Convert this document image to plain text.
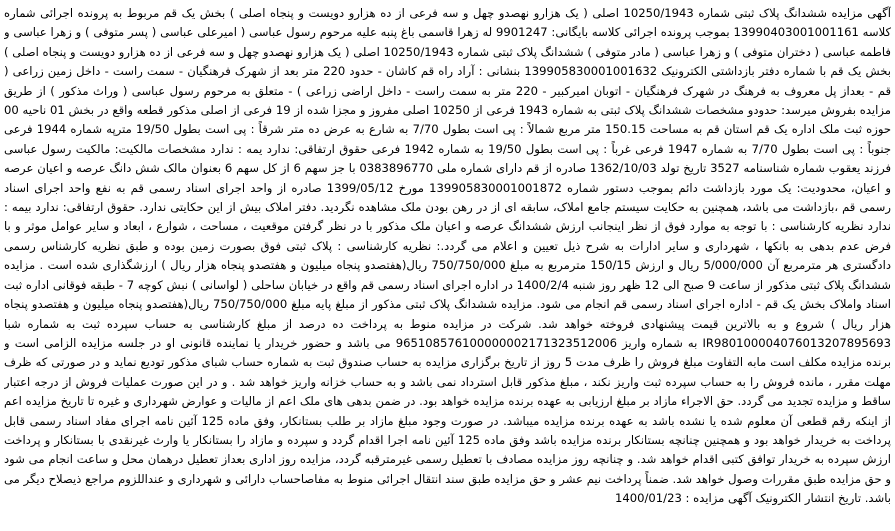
آگهی مزایده ششدانگ پلاک ثبتی شماره 10250/1943 اصلی ( یک هزارو نهصدو چهل و سه فرعی از ده هزارو دویست و پنجاه اصلی ) بخش یک قم مربوط به پرونده اجرائی شماره کلاسه 13990403001001161 بموجب پرونده اجرائی کلاسه بایگانی: 9901247 له زهرا قاسمی باغ پنبه علیه مرحوم رسول عباسی ( امیرعلی عباسی ( پسر متوفی ) و زهرا عباسی و فاطمه عباسی ( دختران متوفی ) و زهرا عباسی ( مادر متوفی ) ششدانگ پلاک ثبتی شماره 10250/1943 اصلی ( یک هزارو نهصدو چهل و سه فرعی از ده هزارو دویست و پنجاه اصلی ) بخش یک قم با شماره دفتر بازداشتی الکترونیک 139905830001001632 بنشانی : آراد راه قم کاشان - حدود 220 متر بعد از شهرک فرهنگیان - سمت راست - داخل زمین زراعی ( قم - بعداز پل معروف به فرهنگ در شهرک فرهنگیان - اتوبان امیرکبیر - 220 متر به سمت راست - داخل اراضی زراعی ) - متعلق به مرحوم رسول عباسی ( وراث مذکور ) از طریق مزایده بفروش میرسد: حدودو مشخصات ششدانگ پلاک ثبتی به شماره 1943 فرعی از 10250 اصلی مفروز و مجزا شده از 19 فرعی از اصلی مذکور قطعه واقع در بخش 01 ناحیه 00 حوزه ثبت ملک اداره یک قم استان قم به مساحت 150.15 متر مربع شمالاً : پی است بطول 7/70 به شارع به عرض ده متر شرقاً : پی است بطول 19/50 مترپه شماره 1944 فرعی جنوباً : پی است بطول 7/70 به شماره 1947 فرعی غرباً : پی است بطول 19/50 به شماره 1942 فرعی حقوق ارتفاقی: ندارد یمه : ندارد مشخصات مالکیت: مالکیت رسول عباسی فرزند یعقوب شماره شناسنامه 3527 تاریخ تولد 1362/10/03 صادره از قم دارای شماره ملی 0383896770 با جز سهم 6 از کل سهم 6 بعنوان مالک شش دانگ عرصه و اعیان عرصه و اعیان، محدودیت: یک مورد بازداشت دائم بموجب دستور شماره 139905830001001872 مورخ 1399/05/12 صادره از واحد اجرای اسناد رسمی قم به نفع واحد اجرای اسناد رسمی قم ،بازداشت می باشد، همچنین به حکایت سیستم جامع املاک، سابقه ای از در رهن بودن ملک مشاهده نگردید. دفتر املاک بیش از این حکایتی ندارد. حقوق ارتفاقی: ندارد بیمه : ندارد نظریه کارشناسی : با توجه به موارد فوق از نظر اینجانب ارزش ششدانگ عرصه و اعیان ملک مذکور با در نظر گرفتن موقعیت ، مساحت ، شوارع ، ابعاد و سایر عوامل موثر و با فرض عدم بدهی به بانکها ، شهرداری و سایر ادارات به شرح ذیل تعیین و اعلام می گردد.: نظریه کارشناسی : پلاک ثبتی فوق بصورت زمین بوده و طبق نظریه کارشناس رسمی دادگستری هر مترمربع آن 5/000/000 ریال و ارزش 150/15 مترمربع به مبلغ 750/750/000 ریال(هفتصدو پنجاه میلیون و هفتصدو پنجاه هزار ریال ) ارزشگذاری شده است . مزایده ششدانگ پلاک ثبتی مذکور از ساعت 9 صبح الی 12 ظهر روز شنبه 1400/2/4 در اداره اجرای اسناد رسمی قم واقع در خیابان ساحلی ( لواسانی ) نبش کوچه 7 - طبقه فوقانی اداره ثبت اسناد واملاک بخش یک قم - اداره اجرای اسناد رسمی قم انجام می شود. مزایده ششدانگ پلاک ثبتی مذکور از مبلغ پایه مبلغ 750/750/000 ریال(هفتصدو پنجاه میلیون و هفتصدو پنجاه هزار ریال ) شروع و به بالاترین قیمت پیشنهادی فروخته خواهد شد. شرکت در مزایده منوط به پرداخت ده درصد از مبلغ کارشناسی به حساب سپرده ثبت به شماره شبا IR980100004076013207895693 به شماره واریز 965108576100000002171323512006 می باشد و حضور خریدار یا نماینده قانونی او در جلسه مزایده الزامی است و برنده مزایده مکلف است مابه التفاوت مبلغ فروش را ظرف مدت 5 روز از تاریخ برگزاری مزایده به حساب صندوق ثبت به شماره حساب شبای مذکور تودیع نماید و در صورتی که ظرف مهلت مقرر ، مانده فروش را به حساب سپرده ثبت واریز نکند ، مبلغ مذکور قابل استرداد نمی باشد و به حساب خزانه واریز خواهد شد . و در این صورت عملیات فروش از درجه اعتبار ساقط و مزایده تجدید می گردد. حق الاجراء مازاد بر مبلغ ارزیابی به عهده برنده مزایده خواهد بود. در ضمن بدهی های ملک اعم از مالیات و عوارض شهرداری و غیره تا تاریخ مزایده اعم از اینکه رقم قطعی آن معلوم شده یا نشده باشد به عهده برنده مزایده میباشد. در صورت وجود مبلغ مازاد بر طلب بستانکار، وفق ماده 125 آئین نامه اجرای مفاد اسناد رسمی قابل پرداخت به خریدار خواهد بود و همچنین چنانچه بستانکار برنده مزایده باشد وفق ماده 125 آئین نامه اجرا اقدام گردد و سپرده و مازاد را بستانکار یا وارث غیرنقدی با بستانکار و پرداخت ارزش سپرده به خریدار توافق کتبی اقدام خواهد شد. و چنانچه روز مزایده مصادف با تعطیل رسمی غیرمترقبه گردد، مزایده روز اداری بعداز تعطیل درهمان محل و ساعت انجام می شود و حق مزایده طبق مقررات وصول خواهد شد. ضمناً پرداخت نیم عشر و حق مزایده طبق سند انتقال اجرائی منوط به مفاصاحساب دارائی و شهرداری و عنداللزوم مراجع ذیصلاح دیگر می باشد. تاریخ انتشار الکترونیک آگهی مزایده : 1400/01/23
